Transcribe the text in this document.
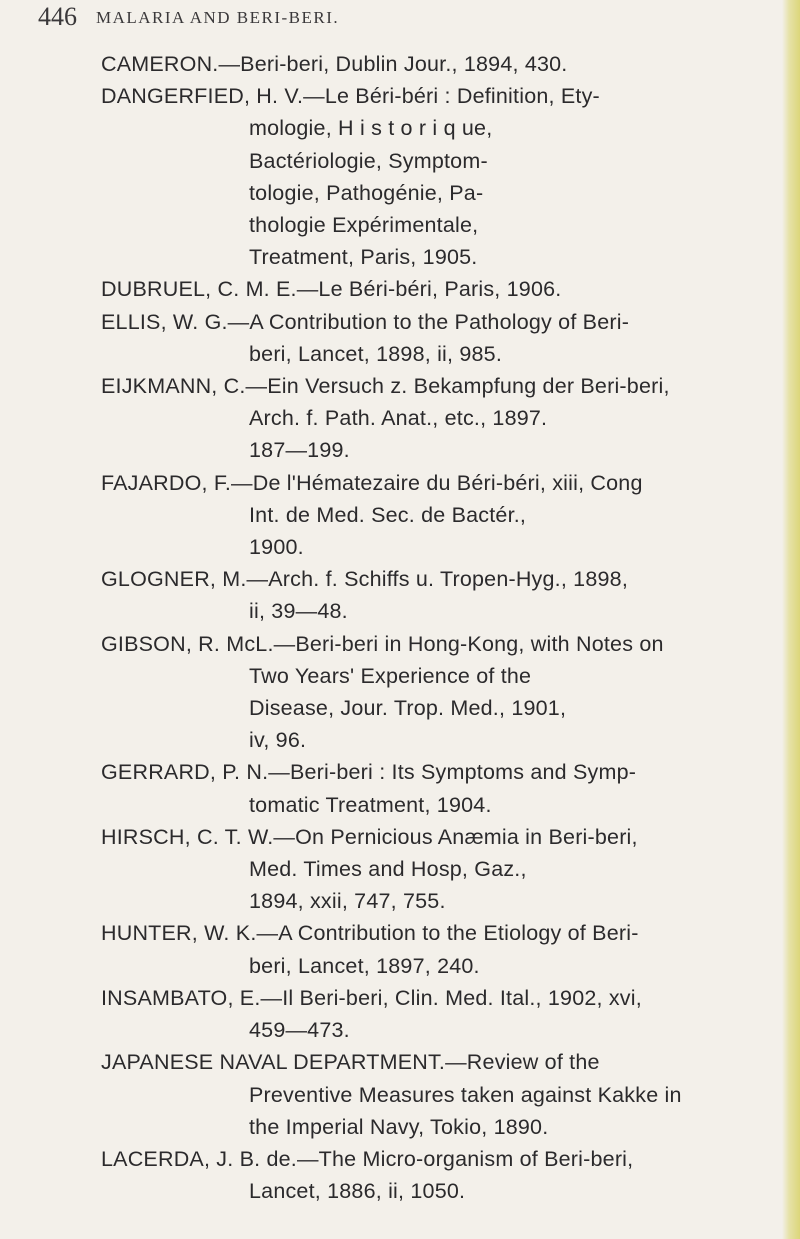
446 MALARIA AND BERI-BERI.
CAMERON.—Beri-beri, Dublin Jour., 1894, 430.
DANGERFIED, H. V.—Le Béri-béri : Definition, Ety-
mologie, H i s t o r i q ue,
Bactériologie, Symptom-
tologie, Pathogénie, Pa-
thologie Expérimentale,
Treatment, Paris, 1905.
DUBRUEL, C. M. E.—Le Béri-béri, Paris, 1906.
ELLIS, W. G.—A Contribution to the Pathology of Beri-
beri, Lancet, 1898, ii, 985.
EIJKMANN, C.—Ein Versuch z. Bekampfung der Beri-beri,
Arch. f. Path. Anat., etc., 1897.
187—199.
FAJARDO, F.—De l'Hématezaire du Béri-béri, xiii, Cong
Int. de Med. Sec. de Bactér.,
1900.
GLOGNER, M.—Arch. f. Schiffs u. Tropen-Hyg., 1898,
ii, 39—48.
GIBSON, R. McL.—Beri-beri in Hong-Kong, with Notes on
Two Years' Experience of the
Disease, Jour. Trop. Med., 1901,
iv, 96.
GERRARD, P. N.—Beri-beri : Its Symptoms and Symp-
tomatic Treatment, 1904.
HIRSCH, C. T. W.—On Pernicious Anæmia in Beri-beri,
Med. Times and Hosp, Gaz.,
1894, xxii, 747, 755.
HUNTER, W. K.—A Contribution to the Etiology of Beri-
beri, Lancet, 1897, 240.
INSAMBATO, E.—Il Beri-beri, Clin. Med. Ital., 1902, xvi,
459—473.
JAPANESE NAVAL DEPARTMENT.—Review of the
Preventive Measures taken against Kakke in
the Imperial Navy, Tokio, 1890.
LACERDA, J. B. de.—The Micro-organism of Beri-beri,
Lancet, 1886, ii, 1050.
